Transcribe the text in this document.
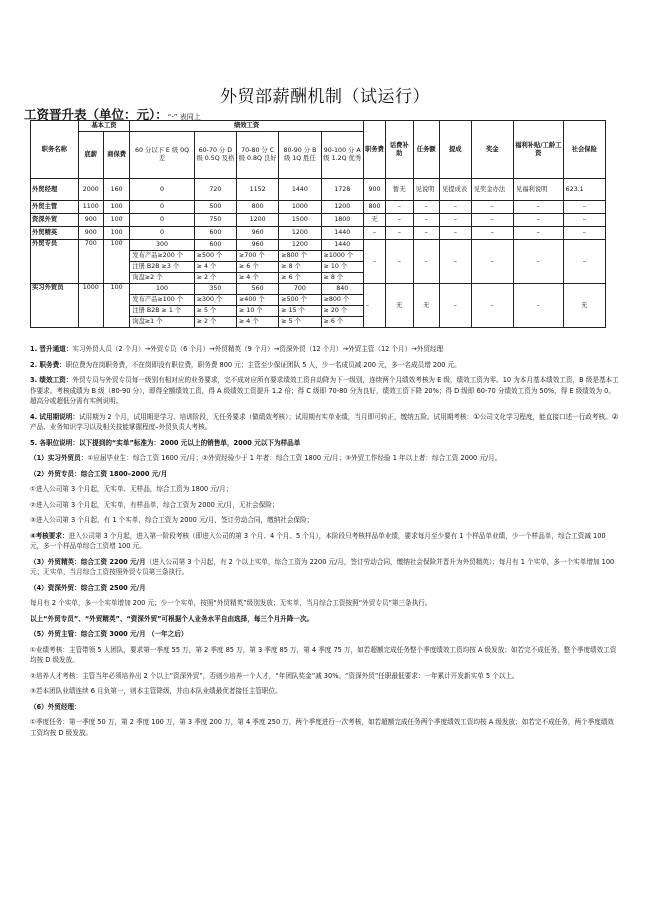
外贸部薪酬机制（试运行）
工资晋升表（单位：元）：“-” 表同上
职务名称	基本工资		绩效工资					职务费	话费补助	任务额	提成	奖金	福利补贴/工龄工资	社会保险
	底薪	商保费	60 分以下 E 级 0Q 差	60-70 分 D 级 0.5Q 及格	70-80 分 C 级 0.8Q 良好	80-90 分 B 级 1Q 胜任	90-100 分 A 级 1.2Q 优秀							
外贸经理	2000	160	0	720	1152	1440	1728	900	暂无	见说明	见提成表	见奖金办法	见福利说明	623.1
外贸主管	1100	100	0	500	800	1000	1200	800	–	–	–	–	–	–
资深外贸	900	100	0	750	1200	1500	1800	无	–	–	–	–	–	–
外贸精英	900	100	0	600	960	1200	1440	–	–	–	–	–	–	–
外贸专员	700	100	300	600	960	1200	1440	–	–	–	–	–	–	–
			发布产品≥200 个	≥500 个	≥700 个	≥800 个	≥1000 个							
			注册 B2B ≥3 个	≥ 4 个	≥ 6 个	≥ 8 个	≥ 10 个							
			询盘≥2 个	≥ 2 个	≥ 4 个	≥ 6 个	≥ 8 个							
实习外贸员	1000	100	100	350	560	700	840	–	无	无	–	–	–	无
			发布产品≥100 个	≥300 个	≥400 个	≥500 个	≥800 个							
			注册 B2B ≥ 1 个	≥ 5 个	≥ 10 个	≥ 15 个	≥ 20 个							
			询盘≥1 个	≥ 2 个	≥ 4 个	≥ 5 个	≥ 6 个							

1. 晋升通道：实习外贸人员（2 个月）→外贸专员（6 个月）→外贸精英（9 个月）→资深外贸（12 个月）→外贸主管（12 个月）→外贸经理

2. 职务费：职位费为在岗职务费，不在岗即没有职位费，职务费 800 元；主管至少保证团队 5 人，少一名成员减 200 元，多一名成员增 200 元。

3. 绩效工资：外贸专员与外贸专员每一级别有相对应的业务要求，完不成对应所有要求绩效工资自动降为下一级别，连续两个月绩效考核为 E 级，绩效工资为零。10 为本月基本绩效工资，B 级是基本工作要求。考核成绩为 B 级（80-90 分），即得全额绩效工资，得 A 级绩效工资提升 1.2 倍；得 C 级即 70-80 分为良好，绩效工资下降 20%；得 D 级即 60-70 分绩效工资为 50%，得 E 级绩效为 0。超高分或超低分需有实例说明。

4. 试用期说明：试用期为 2 个月，试用期是学习、培训阶段，无任务要求（做绩效考核）；试用期有实单业绩，当月即可转正，缴纳五险。试用期考核：①公司文化学习程度，能直接口述一行政考核。②产品、业务知识学习以及相关技能掌握程度–外贸负责人考核。

5. 各职位说明：以下提到的“实单”标准为：2000 元以上的销售单，2000 元以下为样品单

（1）实习外贸员：①应届毕业生：综合工资 1600 元/月；②外贸经验少于 1 年者：综合工资 1800 元/月；③外贸工作经验 1 年以上者：综合工资 2000 元/月。

（2）外贸专员：综合工资 1800–2000 元/月

①进入公司第 3 个月起，无实单、无样品，综合工资为 1800 元/月；

②进入公司第 3 个月起，无实单，有样品单，综合工资为 2000 元/月，无社会保险；

③进入公司第 3 个月起，有 1 个实单，综合工资为 2000 元/月，签订劳动合同，缴纳社会保险；

④考核要求：进入公司第 3 个月起，进入第一阶段考核（即进入公司的第 3 个月、4 个月、5 个月），本阶段只考核样品单业绩，要求每月至少要有 1 个样品单业绩，少一个样品单，综合工资减 100 元，多一个样品单综合工资增 100 元。

（3）外贸精英：综合工资 2200 元/月（进入公司第 3 个月起，有 2 个以上实单，综合工资为 2200 元/月，签订劳动合同，缴纳社会保险并晋升为外贸精英）；每月有 1 个实单，多一个实单增加 100 元；无实单，当月综合工资按照外贸专员第三条执行。

（4）资深外贸：综合工资 2500 元/月

每月有 2 个实单，多一个实单增加 200 元；少一个实单，按照“外贸精英”级别发放；无实单，当月综合工资按照“外贸专员”第三条执行。

以上“外贸专员”、“外贸精英”、“资深外贸”可根据个人业务水平自由选择，每三个月升降一次。

（5）外贸主管：综合工资 3000 元/月 （一年之后）

①业绩考核：主管带领 5 人团队，要求第一季度 55 万，第 2 季度 85 万，第 3 季度 85 万，第 4 季度 75 万，如若超额完成任务整个季度绩效工资均按 A 级发放；如若完不成任务，整个季度绩效工资均按 D 级发放。

②培养人才考核：主管当年必须培养出 2 个以上“资深外贸”，否则少培养一个人才，“年团队奖金”减 30%。“资深外贸”任职最低要求：一年累计开发新实单 5 个以上。

③若本团队业绩连续 6 月负第一，则本主管降级，并由本队业绩最优者接任主管职位。

（6）外贸经理：

①季度任务：第一季度 50 万，第 2 季度 100 万，第 3 季度 200 万，第 4 季度 250 万，两个季度进行一次考核，如若超额完成任务两个季度绩效工资均按 A 级发放；如若完不成任务，两个季度绩效工资均按 D 级发放。
